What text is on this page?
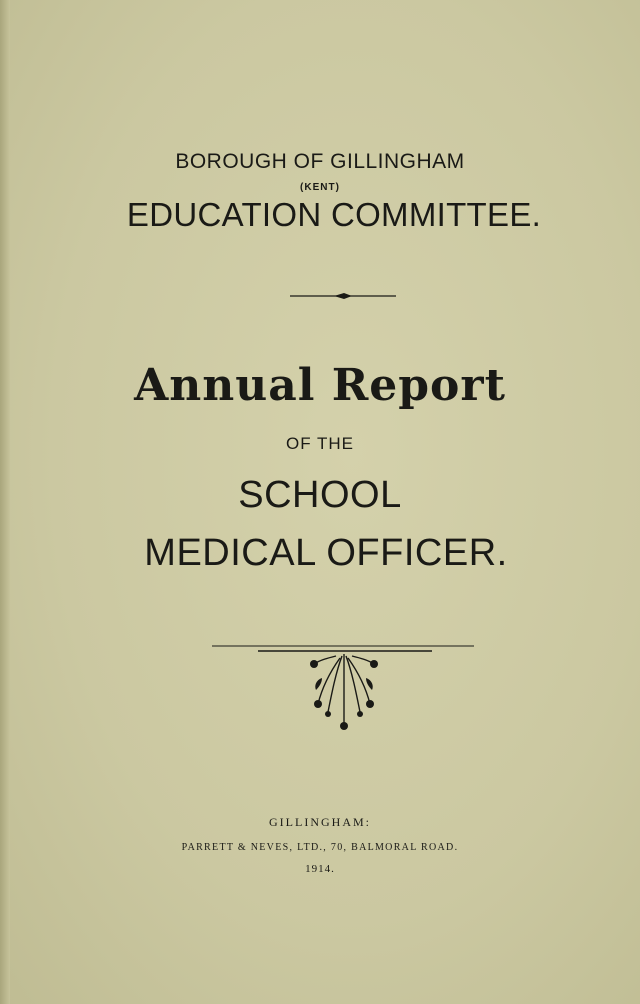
BOROUGH OF GILLINGHAM
(KENT)
EDUCATION COMMITTEE.
Annual Report
OF THE
SCHOOL
MEDICAL OFFICER.
GILLINGHAM:
PARRETT & NEVES, LTD., 70, BALMORAL ROAD.
1914.
